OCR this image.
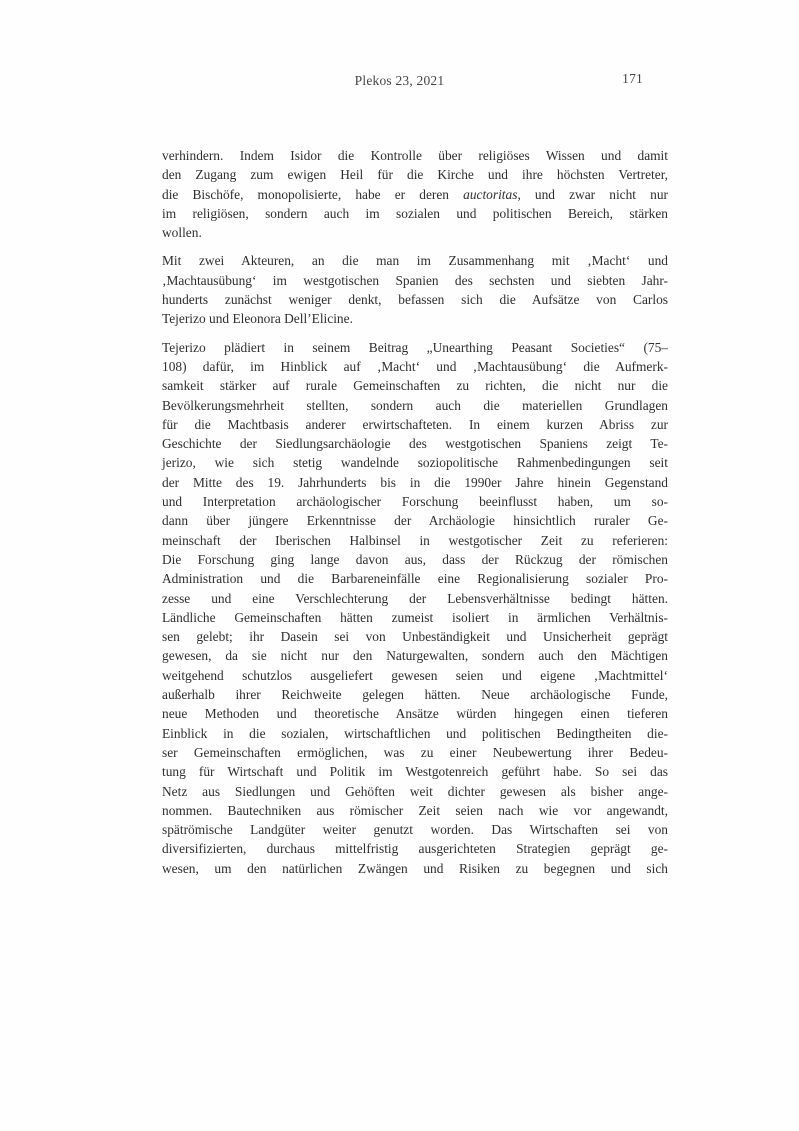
Plekos 23, 2021	171
verhindern. Indem Isidor die Kontrolle über religiöses Wissen und damit
den Zugang zum ewigen Heil für die Kirche und ihre höchsten Vertreter,
die Bischöfe, monopolisierte, habe er deren auctoritas, und zwar nicht nur
im religiösen, sondern auch im sozialen und politischen Bereich, stärken
wollen.
Mit zwei Akteuren, an die man im Zusammenhang mit ‚Macht‘ und
‚Machtausübung‘ im westgotischen Spanien des sechsten und siebten Jahr-
hunderts zunächst weniger denkt, befassen sich die Aufsätze von Carlos
Tejerizo und Eleonora Dell’Elicine.
Tejerizo plädiert in seinem Beitrag „Unearthing Peasant Societies“ (75–
108) dafür, im Hinblick auf ‚Macht‘ und ‚Machtausübung‘ die Aufmerk-
samkeit stärker auf rurale Gemeinschaften zu richten, die nicht nur die
Bevölkerungsmehrheit stellten, sondern auch die materiellen Grundlagen
für die Machtbasis anderer erwirtschafteten. In einem kurzen Abriss zur
Geschichte der Siedlungsarchäologie des westgotischen Spaniens zeigt Te-
jerizo, wie sich stetig wandelnde soziopolitische Rahmenbedingungen seit
der Mitte des 19. Jahrhunderts bis in die 1990er Jahre hinein Gegenstand
und Interpretation archäologischer Forschung beeinflusst haben, um so-
dann über jüngere Erkenntnisse der Archäologie hinsichtlich ruraler Ge-
meinschaft der Iberischen Halbinsel in westgotischer Zeit zu referieren:
Die Forschung ging lange davon aus, dass der Rückzug der römischen
Administration und die Barbareneinfälle eine Regionalisierung sozialer Pro-
zesse und eine Verschlechterung der Lebensverhältnisse bedingt hätten.
Ländliche Gemeinschaften hätten zumeist isoliert in ärmlichen Verhältnis-
sen gelebt; ihr Dasein sei von Unbeständigkeit und Unsicherheit geprägt
gewesen, da sie nicht nur den Naturgewalten, sondern auch den Mächtigen
weitgehend schutzlos ausgeliefert gewesen seien und eigene ‚Machtmittel‘
außerhalb ihrer Reichweite gelegen hätten. Neue archäologische Funde,
neue Methoden und theoretische Ansätze würden hingegen einen tieferen
Einblick in die sozialen, wirtschaftlichen und politischen Bedingtheiten die-
ser Gemeinschaften ermöglichen, was zu einer Neubewertung ihrer Bedeu-
tung für Wirtschaft und Politik im Westgotenreich geführt habe. So sei das
Netz aus Siedlungen und Gehöften weit dichter gewesen als bisher ange-
nommen. Bautechniken aus römischer Zeit seien nach wie vor angewandt,
spätrömische Landgüter weiter genutzt worden. Das Wirtschaften sei von
diversifizierten, durchaus mittelfristig ausgerichteten Strategien geprägt ge-
wesen, um den natürlichen Zwängen und Risiken zu begegnen und sich
